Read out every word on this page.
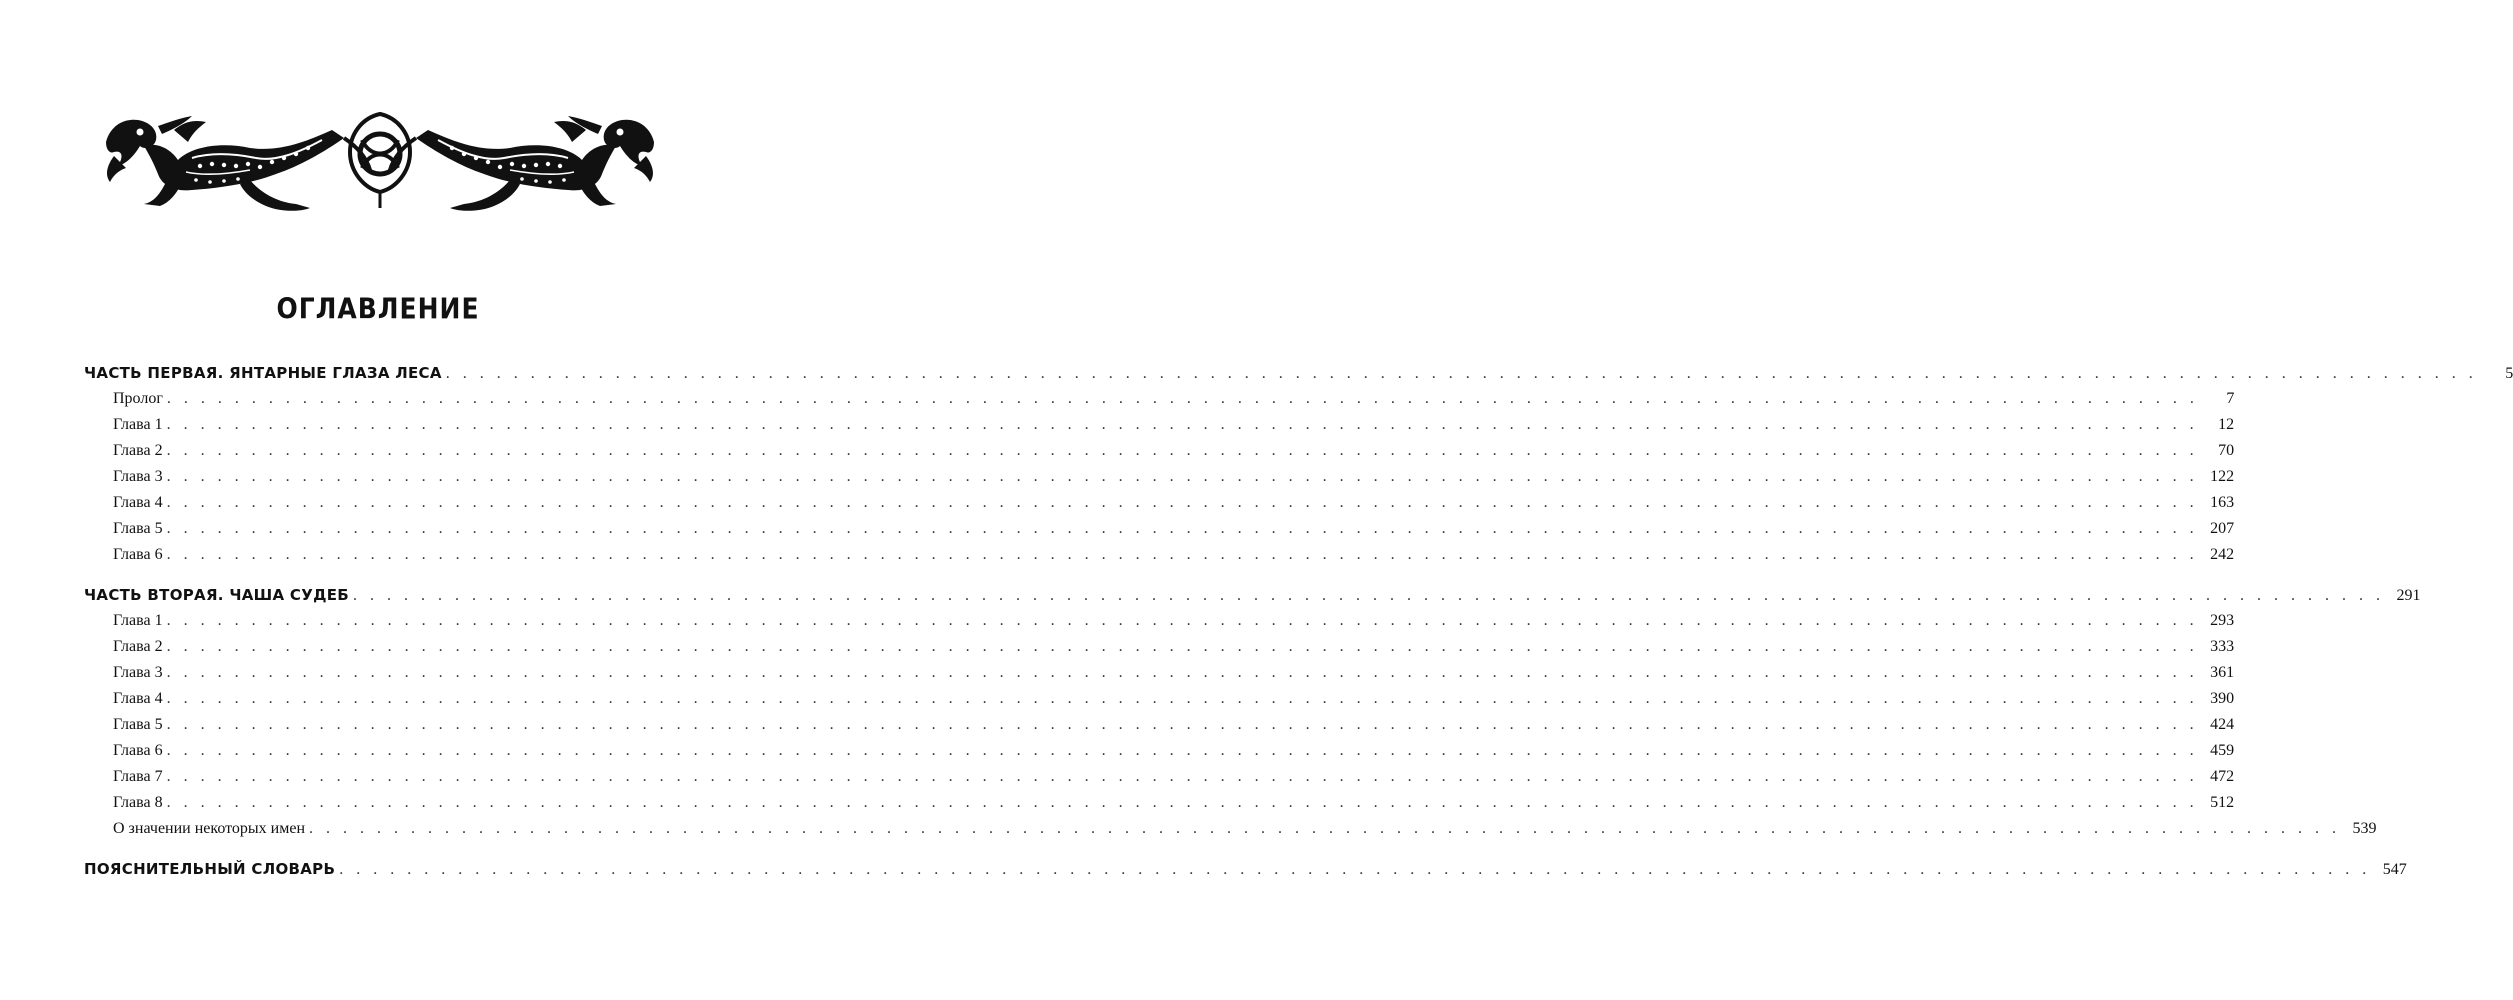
ОГЛАВЛЕНИЕ
ЧАСТЬ ПЕРВАЯ. ЯНТАРНЫЕ ГЛАЗА ЛЕСА . . . . . . . . . . . . . . . . . . . . . . . . . . . . . . . . . . . . . . . . . . . . . . . . . . . . . . . . . . . . . . . . . . . . . . . . . . . . . . . . . . . . . . . . . . . . . . . . . . . . . . . . . . . . . . . . . . . . . . . .	5
Пролог . . . . . . . . . . . . . . . . . . . . . . . . . . . . . . . . . . . . . . . . . . . . . . . . . . . . . . . . . . . . . . . . . . . . . . . . . . . . . . . . . . . . . . . . . . . . . . . . . . . . . . . . . . . . . . . . . . . . . . . .	7
Глава 1 . . . . . . . . . . . . . . . . . . . . . . . . . . . . . . . . . . . . . . . . . . . . . . . . . . . . . . . . . . . . . . . . . . . . . . . . . . . . . . . . . . . . . . . . . . . . . . . . . . . . . . . . . . . . . . . . . . . . . . . .	12
Глава 2 . . . . . . . . . . . . . . . . . . . . . . . . . . . . . . . . . . . . . . . . . . . . . . . . . . . . . . . . . . . . . . . . . . . . . . . . . . . . . . . . . . . . . . . . . . . . . . . . . . . . . . . . . . . . . . . . . . . . . . . .	70
Глава 3 . . . . . . . . . . . . . . . . . . . . . . . . . . . . . . . . . . . . . . . . . . . . . . . . . . . . . . . . . . . . . . . . . . . . . . . . . . . . . . . . . . . . . . . . . . . . . . . . . . . . . . . . . . . . . . . . . . . . . . . . 122
Глава 4 . . . . . . . . . . . . . . . . . . . . . . . . . . . . . . . . . . . . . . . . . . . . . . . . . . . . . . . . . . . . . . . . . . . . . . . . . . . . . . . . . . . . . . . . . . . . . . . . . . . . . . . . . . . . . . . . . . . . . . . . 163
Глава 5 . . . . . . . . . . . . . . . . . . . . . . . . . . . . . . . . . . . . . . . . . . . . . . . . . . . . . . . . . . . . . . . . . . . . . . . . . . . . . . . . . . . . . . . . . . . . . . . . . . . . . . . . . . . . . . . . . . . . . . . . 207
Глава 6 . . . . . . . . . . . . . . . . . . . . . . . . . . . . . . . . . . . . . . . . . . . . . . . . . . . . . . . . . . . . . . . . . . . . . . . . . . . . . . . . . . . . . . . . . . . . . . . . . . . . . . . . . . . . . . . . . . . . . . . . 242
ЧАСТЬ ВТОРАЯ. ЧАША СУДЕБ . . . . . . . . . . . . . . . . . . . . . . . . . . . . . . . . . . . . . . . . . . . . . . . . . . . . . . . . . . . . . . . . . . . . . . . . . . . . . . . . . . . . . . . . . . . . . . . . . . . . . . . . . . . . . . . . . . . . . . . . 291
Глава 1 . . . . . . . . . . . . . . . . . . . . . . . . . . . . . . . . . . . . . . . . . . . . . . . . . . . . . . . . . . . . . . . . . . . . . . . . . . . . . . . . . . . . . . . . . . . . . . . . . . . . . . . . . . . . . . . . . . . . . . . . 293
Глава 2 . . . . . . . . . . . . . . . . . . . . . . . . . . . . . . . . . . . . . . . . . . . . . . . . . . . . . . . . . . . . . . . . . . . . . . . . . . . . . . . . . . . . . . . . . . . . . . . . . . . . . . . . . . . . . . . . . . . . . . . . 333
Глава 3 . . . . . . . . . . . . . . . . . . . . . . . . . . . . . . . . . . . . . . . . . . . . . . . . . . . . . . . . . . . . . . . . . . . . . . . . . . . . . . . . . . . . . . . . . . . . . . . . . . . . . . . . . . . . . . . . . . . . . . . . 361
Глава 4 . . . . . . . . . . . . . . . . . . . . . . . . . . . . . . . . . . . . . . . . . . . . . . . . . . . . . . . . . . . . . . . . . . . . . . . . . . . . . . . . . . . . . . . . . . . . . . . . . . . . . . . . . . . . . . . . . . . . . . . . 390
Глава 5 . . . . . . . . . . . . . . . . . . . . . . . . . . . . . . . . . . . . . . . . . . . . . . . . . . . . . . . . . . . . . . . . . . . . . . . . . . . . . . . . . . . . . . . . . . . . . . . . . . . . . . . . . . . . . . . . . . . . . . . . 424
Глава 6 . . . . . . . . . . . . . . . . . . . . . . . . . . . . . . . . . . . . . . . . . . . . . . . . . . . . . . . . . . . . . . . . . . . . . . . . . . . . . . . . . . . . . . . . . . . . . . . . . . . . . . . . . . . . . . . . . . . . . . . . 459
Глава 7 . . . . . . . . . . . . . . . . . . . . . . . . . . . . . . . . . . . . . . . . . . . . . . . . . . . . . . . . . . . . . . . . . . . . . . . . . . . . . . . . . . . . . . . . . . . . . . . . . . . . . . . . . . . . . . . . . . . . . . . . 472
Глава 8 . . . . . . . . . . . . . . . . . . . . . . . . . . . . . . . . . . . . . . . . . . . . . . . . . . . . . . . . . . . . . . . . . . . . . . . . . . . . . . . . . . . . . . . . . . . . . . . . . . . . . . . . . . . . . . . . . . . . . . . . 512
О значении некоторых имен . . . . . . . . . . . . . . . . . . . . . . . . . . . . . . . . . . . . . . . . . . . . . . . . . . . . . . . . . . . . . . . . . . . . . . . . . . . . . . . . . . . . . . . . . . . . . . . . . . . . . . . . . . . . . . . . . . . . . . . . 539
ПОЯСНИТЕЛЬНЫЙ СЛОВАРЬ . . . . . . . . . . . . . . . . . . . . . . . . . . . . . . . . . . . . . . . . . . . . . . . . . . . . . . . . . . . . . . . . . . . . . . . . . . . . . . . . . . . . . . . . . . . . . . . . . . . . . . . . . . . . . . . . . . . . . . . . 547
